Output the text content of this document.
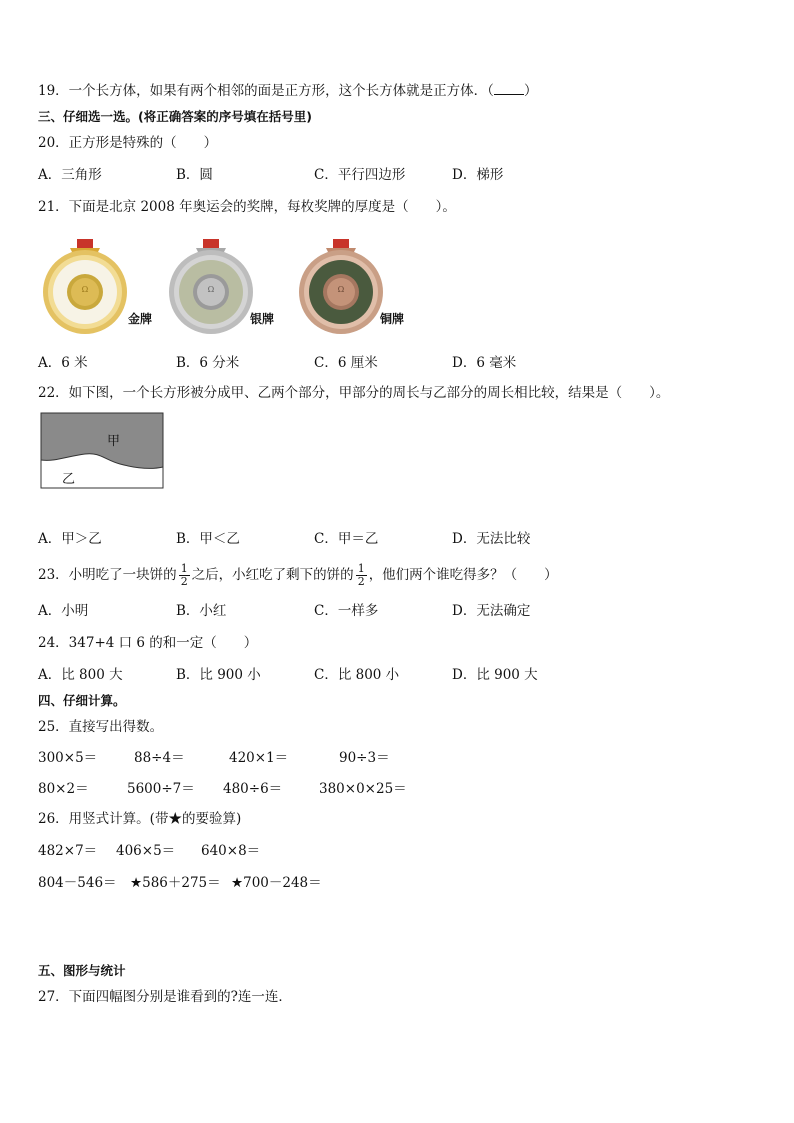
19．一个长方体，如果有两个相邻的面是正方形，这个长方体就是正方体．（ ）
三、仔细选一选。(将正确答案的序号填在括号里)
20．正方形是特殊的（　　）
A．三角形	B．圆	C．平行四边形	D．梯形
21．下面是北京 2008 年奥运会的奖牌，每枚奖牌的厚度是（　　）。
Ω
金牌
Ω
银牌
Ω
铜牌
A．6 米	B．6 分米	C．6 厘米	D．6 毫米
22．如下图，一个长方形被分成甲、乙两个部分，甲部分的周长与乙部分的周长相比较，结果是（　　）。
甲
乙
A．甲＞乙	B．甲＜乙	C．甲＝乙	D．无法比较
23．小明吃了一块饼的 $\frac{1}{2}$ 之后，小红吃了剩下的饼的 $\frac{1}{2}$ ，他们两个谁吃得多？（　　）
A．小明	B．小红	C．一样多	D．无法确定
24．347+4 口 6 的和一定（　　）
A．比 800 大	B．比 900 小	C．比 800 小	D．比 900 大
四、仔细计算。
25．直接写出得数。
300×5＝	88÷4＝	420×1＝	90÷3＝
80×2＝	5600÷7＝ 480÷6＝	380×0×25＝
26．用竖式计算。(带★的要验算)
482×7＝ 406×5＝ 640×8＝
804－546＝ ★586＋275＝ ★700－248＝
五、图形与统计
27．下面四幅图分别是谁看到的?连一连．
